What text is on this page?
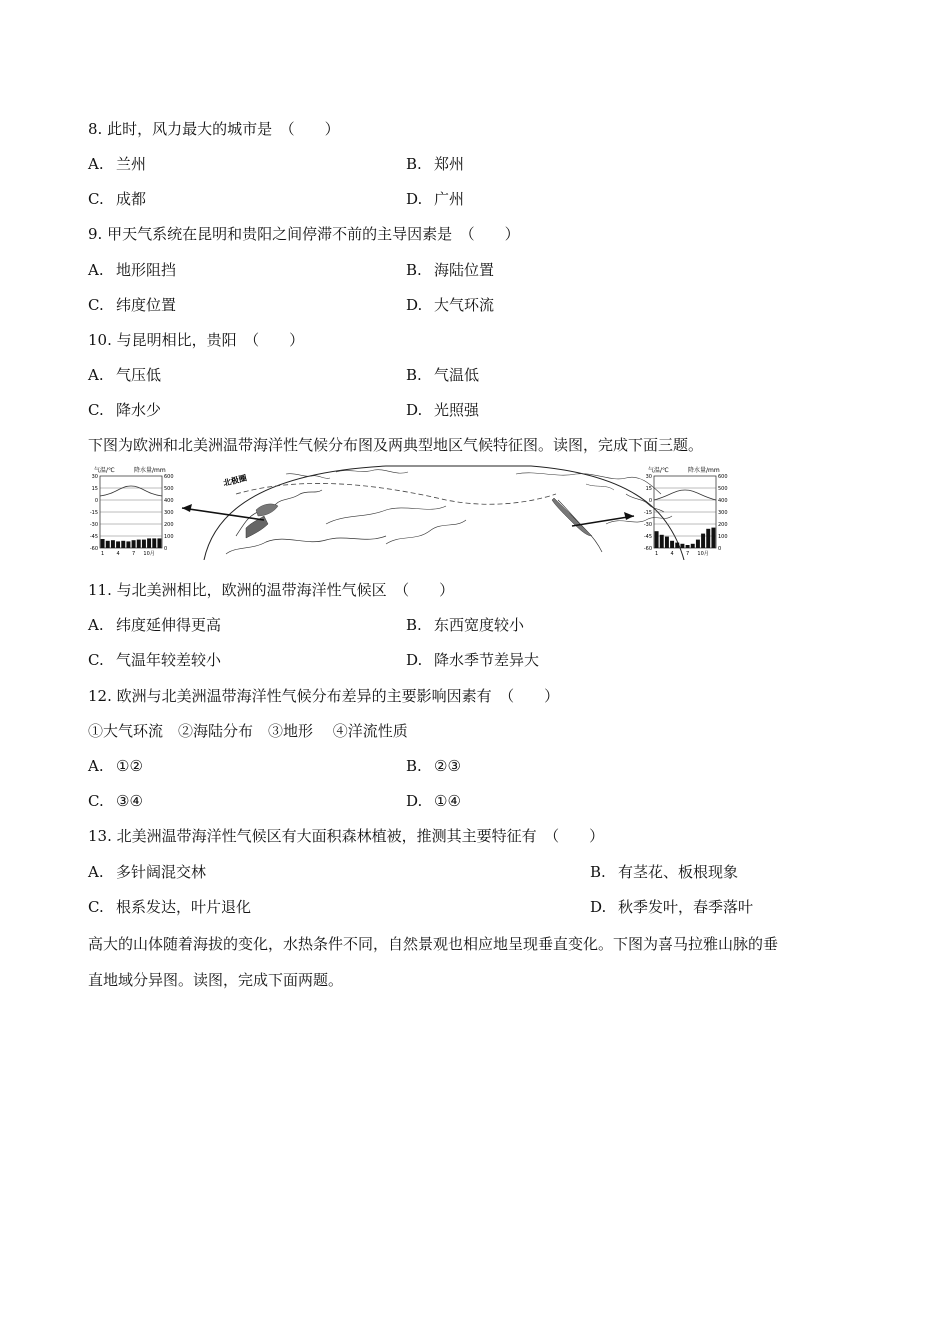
8. 此时，风力最大的城市是　（　　）
A. 兰州	B. 郑州
C. 成都	D. 广州
9. 甲天气系统在昆明和贵阳之间停滞不前的主导因素是　（　　）
A. 地形阻挡	B. 海陆位置
C. 纬度位置	D. 大气环流
10. 与昆明相比，贵阳　（　　）
A. 气压低	B. 气温低
C. 降水少	D. 光照强
下图为欧洲和北美洲温带海洋性气候分布图及两典型地区气候特征图。读图，完成下面三题。
气温/℃	降水量/mm
30
15
0
-15
-30
-45
-60
600
500
400
300
200
100
0
1 4 7 10月
北极圈
气温/℃	降水量/mm
30
15
0
-15
-30
-45
-60
600
500
400
300
200
100
0
1 4 7 10月
11. 与北美洲相比，欧洲的温带海洋性气候区　（　　）
A. 纬度延伸得更高	B. 东西宽度较小
C. 气温年较差较小	D. 降水季节差异大
12. 欧洲与北美洲温带海洋性气候分布差异的主要影响因素有　（　　）
①大气环流　②海陆分布　③地形　 ④洋流性质
A. ①②	B. ②③
C. ③④	D. ①④
13. 北美洲温带海洋性气候区有大面积森林植被，推测其主要特征有　（　　）
A. 多针阔混交林	B. 有茎花、板根现象
C. 根系发达，叶片退化	D. 秋季发叶，春季落叶
高大的山体随着海拔的变化，水热条件不同，自然景观也相应地呈现垂直变化。下图为喜马拉雅山脉的垂
直地域分异图。读图，完成下面两题。
